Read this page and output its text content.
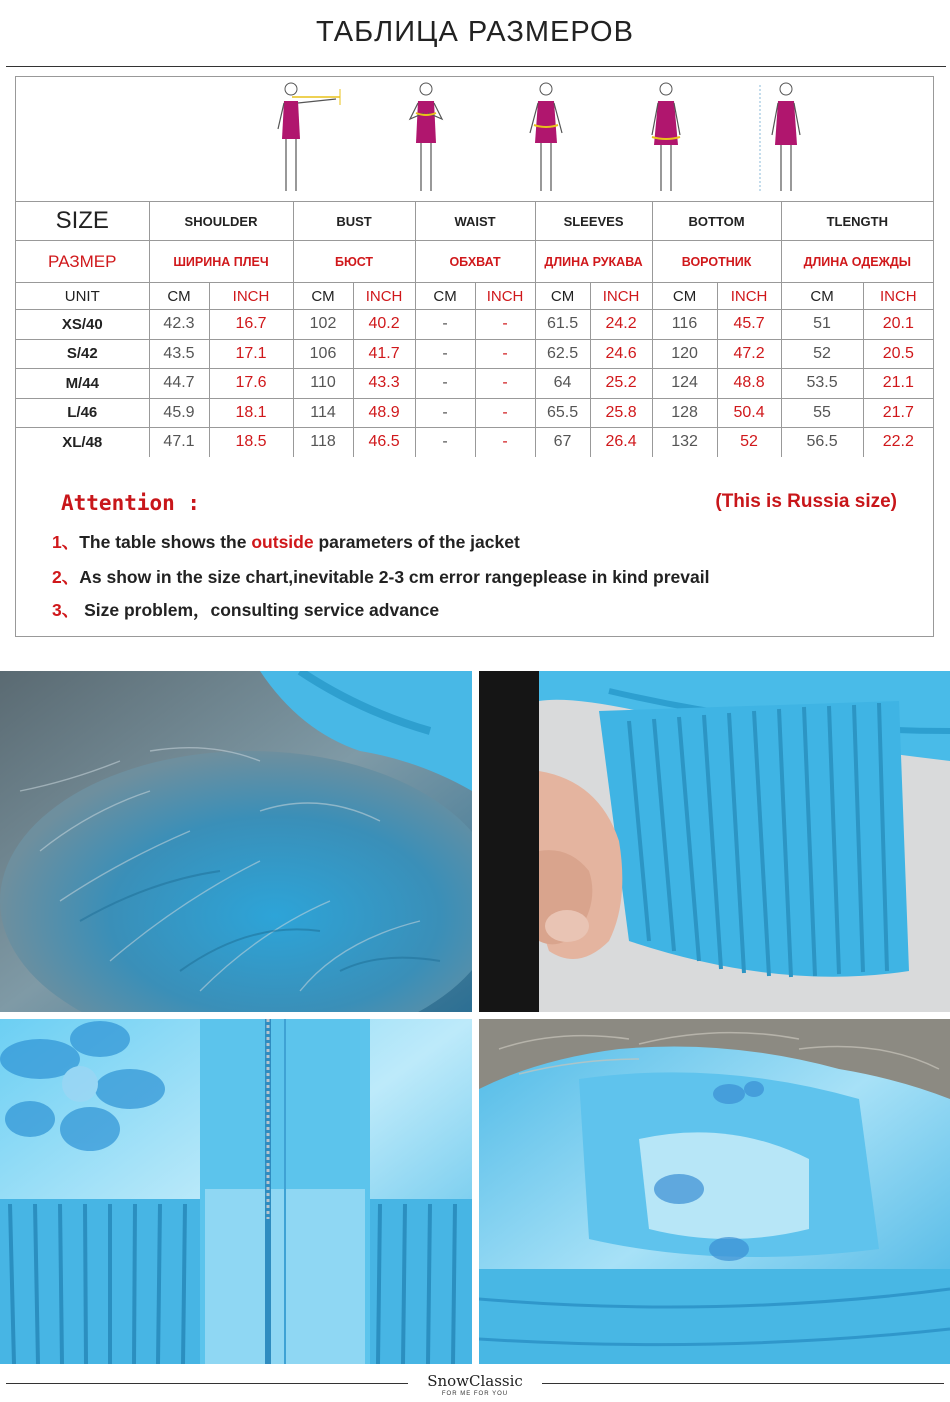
ТАБЛИЦА РАЗМЕРОВ
SIZE	SHOULDER		BUST		WAIST		SLEEVES		BOTTOM		TLENGTH	
РАЗМЕР	ШИРИНА ПЛЕЧ		БЮСТ		ОБХВАТ		ДЛИНА РУКАВА		ВОРОТНИК		ДЛИНА ОДЕЖДЫ	
UNIT	CM	INCH	CM	INCH	CM	INCH	CM	INCH	CM	INCH	CM	INCH
XS/40	42.3	16.7	102	40.2	-	-	61.5	24.2	116	45.7	51	20.1
S/42	43.5	17.1	106	41.7	-	-	62.5	24.6	120	47.2	52	20.5
M/44	44.7	17.6	110	43.3	-	-	64	25.2	124	48.8	53.5	21.1
L/46	45.9	18.1	114	48.9	-	-	65.5	25.8	128	50.4	55	21.7
XL/48	47.1	18.5	118	46.5	-	-	67	26.4	132	52	56.5	22.2
Attention :	(This is Russia size)
1、The table shows the outside parameters of the jacket
2、As show in the size chart,inevitable 2-3 cm error rangeplease in kind prevail
3、 Size problem，consulting service advance
SnowClassic
FOR ME FOR YOU
